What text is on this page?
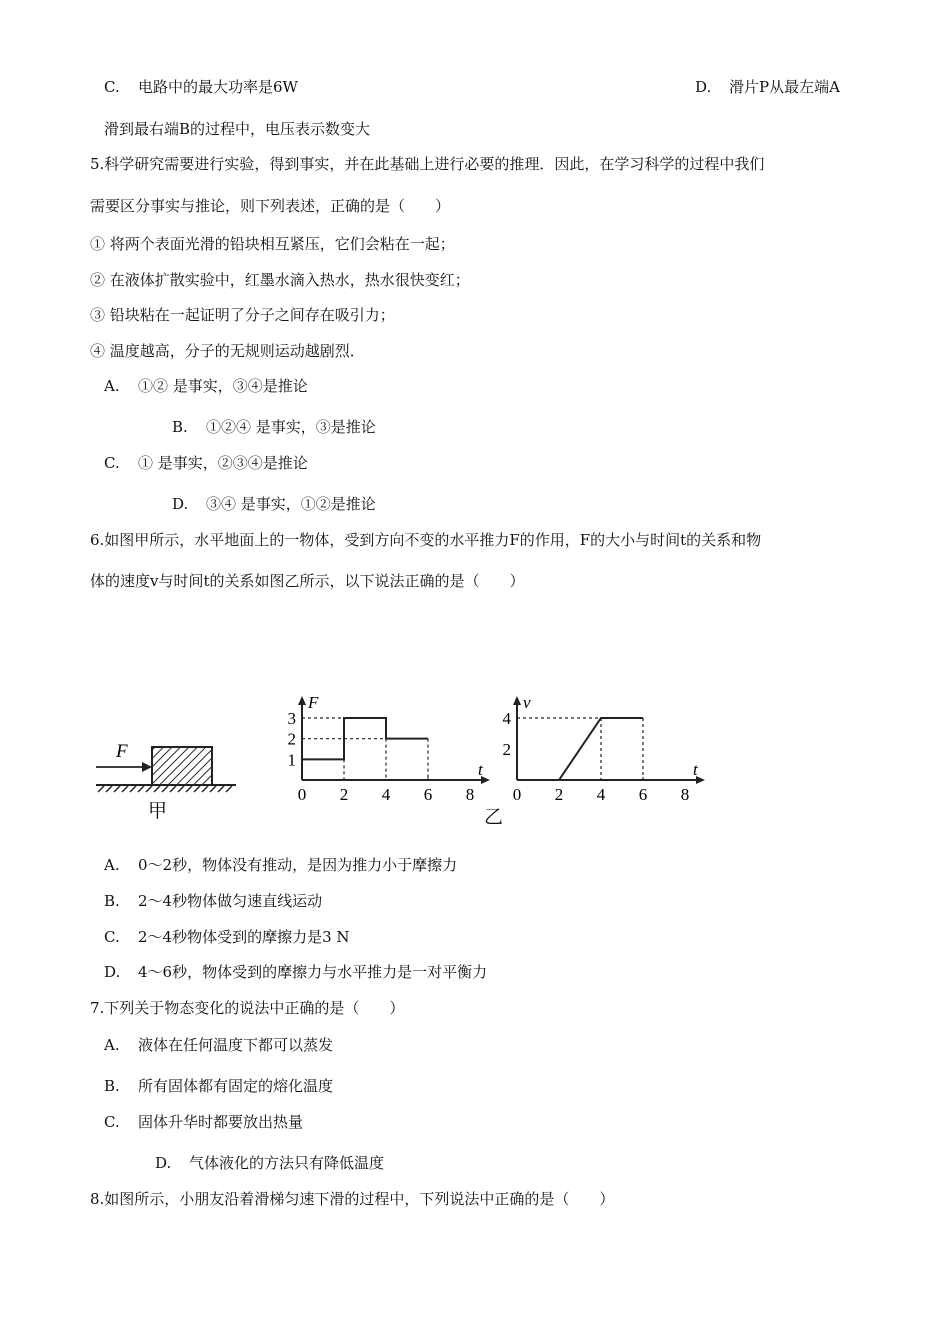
C. 电路中的最大功率是6W	D. 滑片P从最左端A
滑到最右端B的过程中，电压表示数变大
5.科学研究需要进行实验，得到事实，并在此基础上进行必要的推理．因此，在学习科学的过程中我们
需要区分事实与推论，则下列表述，正确的是（　　）
① 将两个表面光滑的铅块相互紧压，它们会粘在一起；
② 在液体扩散实验中，红墨水滴入热水，热水很快变红；
③ 铅块粘在一起证明了分子之间存在吸引力；
④ 温度越高，分子的无规则运动越剧烈．
A. ①② 是事实，③④是推论
B. ①②④ 是事实，③是推论
C. ① 是事实，②③④是推论
D. ③④ 是事实，①②是推论
6.如图甲所示，水平地面上的一物体，受到方向不变的水平推力F的作用，F的大小与时间t的关系和物
体的速度v与时间t的关系如图乙所示，以下说法正确的是（　　）
F
甲
t
F
0 2 4 6 8
1
2
3
t
v
0 2 4 6 8
2
4
乙
A. 0～2秒，物体没有推动，是因为推力小于摩擦力
B. 2～4秒物体做匀速直线运动
C. 2～4秒物体受到的摩擦力是3 N
D. 4～6秒，物体受到的摩擦力与水平推力是一对平衡力
7.下列关于物态变化的说法中正确的是（　　）
A. 液体在任何温度下都可以蒸发
B. 所有固体都有固定的熔化温度
C. 固体升华时都要放出热量
D. 气体液化的方法只有降低温度
8.如图所示，小朋友沿着滑梯匀速下滑的过程中，下列说法中正确的是（　　）
